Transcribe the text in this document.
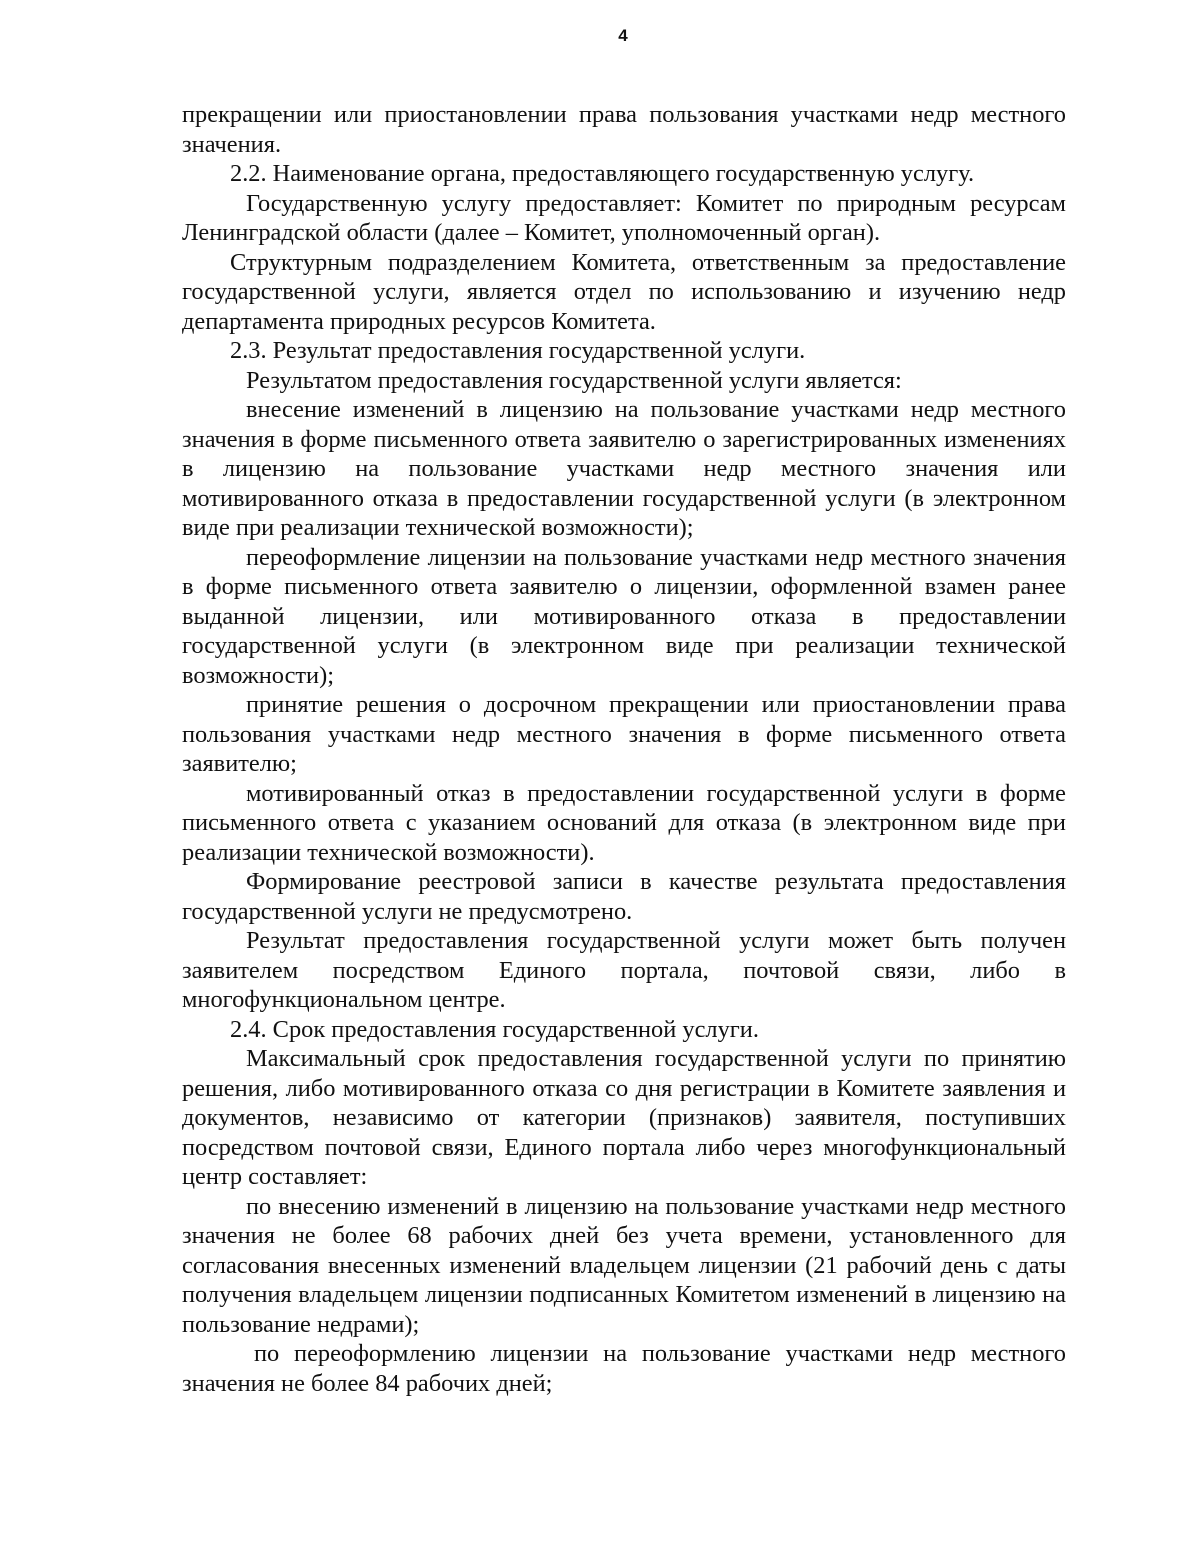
4

прекращении или приостановлении права пользования участками недр местного значения.

2.2. Наименование органа, предоставляющего государственную услугу.

Государственную услугу предоставляет: Комитет по природным ресурсам Ленинградской области (далее – Комитет, уполномоченный орган).

Структурным подразделением Комитета, ответственным за предоставление государственной услуги, является отдел по использованию и изучению недр департамента природных ресурсов Комитета.

2.3. Результат предоставления государственной услуги.

Результатом предоставления государственной услуги является:

внесение изменений в лицензию на пользование участками недр местного значения в форме письменного ответа заявителю о зарегистрированных изменениях в лицензию на пользование участками недр местного значения или мотивированного отказа в предоставлении государственной услуги (в электронном виде при реализации технической возможности);

переоформление лицензии на пользование участками недр местного значения в форме письменного ответа заявителю о лицензии, оформленной взамен ранее выданной лицензии, или мотивированного отказа в предоставлении государственной услуги (в электронном виде при реализации технической возможности);

принятие решения о досрочном прекращении или приостановлении права пользования участками недр местного значения в форме письменного ответа заявителю;

мотивированный отказ в предоставлении государственной услуги в форме письменного ответа с указанием оснований для отказа (в электронном виде при реализации технической возможности).

Формирование реестровой записи в качестве результата предоставления государственной услуги не предусмотрено.

Результат предоставления государственной услуги может быть получен заявителем посредством Единого портала, почтовой связи, либо в многофункциональном центре.

2.4. Срок предоставления государственной услуги.

Максимальный срок предоставления государственной услуги по принятию решения, либо мотивированного отказа со дня регистрации в Комитете заявления и документов, независимо от категории (признаков) заявителя, поступивших посредством почтовой связи, Единого портала либо через многофункциональный центр составляет:

по внесению изменений в лицензию на пользование участками недр местного значения не более 68 рабочих дней без учета времени, установленного для согласования внесенных изменений владельцем лицензии (21 рабочий день с даты получения владельцем лицензии подписанных Комитетом изменений в лицензию на пользование недрами);

по переоформлению лицензии на пользование участками недр местного значения не более 84 рабочих дней;
